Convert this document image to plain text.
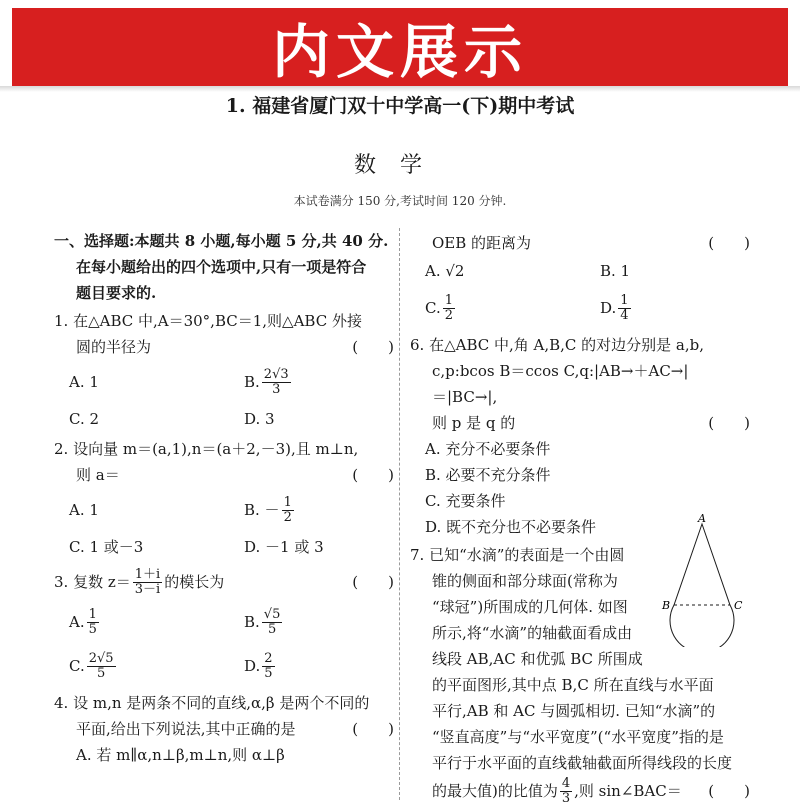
内文展示
1. 福建省厦门双十中学高一(下)期中考试
数学
本试卷满分 150 分,考试时间 120 分钟.
一、选择题:本题共 8 小题,每小题 5 分,共 40 分.
在每小题给出的四个选项中,只有一项是符合
题目要求的.
1. 在△ABC 中,A＝30°,BC＝1,则△ABC 外接
圆的半径为	(　　)
A. 1	B. $\frac{2√3}{3}$
C. 2	D. 3
2. 设向量 m＝(a,1),n＝(a＋2,－3),且 m⊥n,
则 a＝	(　　)
A. 1	B. － $\frac{1}{2}$
C. 1 或－3	D. －1 或 3
3. 复数 $z= \frac{1+i}{3-i}$ 的模长为	(　　)
A. $\frac{1}{5}$	B. $\frac{√5}{5}$
C. $\frac{2√5}{5}$	D. $\frac{2}{5}$
4. 设 m,n 是两条不同的直线,α,β 是两个不同的
平面,给出下列说法,其中正确的是	(　　)
A. 若 m∥α,n⊥β,m⊥n,则 α⊥β
OEB 的距离为	(　　)
A. √2	B. 1
C. $\frac{1}{2}$	D. $\frac{1}{4}$
6. 在△ABC 中,角 A,B,C 的对边分别是 a,b,
c,p:bcos B＝ccos C,q:|AB→＋AC→|＝|BC→|,
则 p 是 q 的	(　　)
A. 充分不必要条件
B. 必要不充分条件
C. 充要条件
D. 既不充分也不必要条件
7. 已知“水滴”的表面是一个由圆
锥的侧面和部分球面(常称为
“球冠”)所围成的几何体. 如图
所示,将“水滴”的轴截面看成由
线段 AB,AC 和优弧 BC 所围成
的平面图形,其中点 B,C 所在直线与水平面
平行,AB 和 AC 与圆弧相切. 已知“水滴”的
“竖直高度”与“水平宽度”(“水平宽度”指的是
平行于水平面的直线截轴截面所得线段的长度
的最大值)的比值为 $\frac{4}{3}$ ,则 sin∠BAC＝ (　　)
A
B	C
